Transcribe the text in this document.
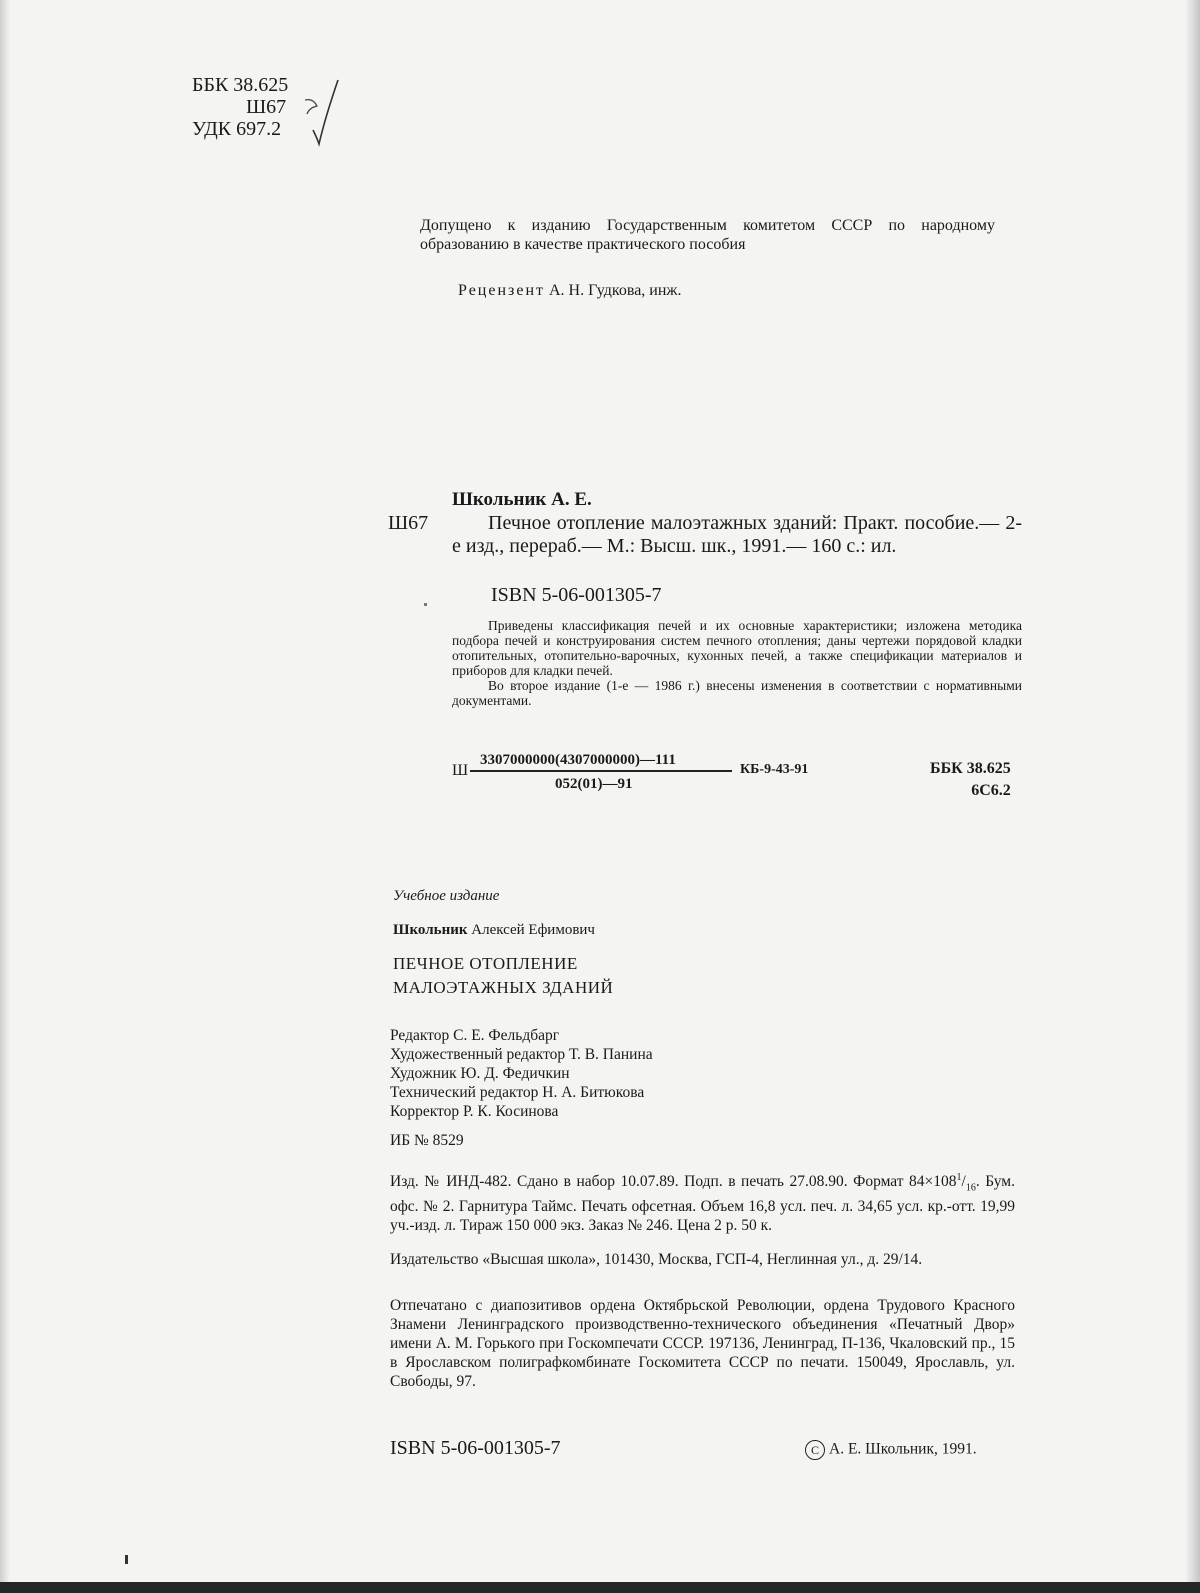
ББК 38.625
Ш67
УДК 697.2
Допущено к изданию Государственным комитетом СССР по народному образованию в качестве практического пособия
Рецензент А. Н. Гудкова, инж.
Школьник А. Е.
Ш67	Печное отопление малоэтажных зданий: Практ. пособие.— 2-е изд., перераб.— М.: Высш. шк., 1991.— 160 с.: ил.
ISBN 5-06-001305-7

Приведены классификация печей и их основные характеристики; изложена методика подбора печей и конструирования систем печного отопления; даны чертежи порядовой кладки отопительных, отопительно-варочных, кухонных печей, а также спецификации материалов и приборов для кладки печей.

Во второе издание (1-е — 1986 г.) внесены изменения в соответствии с нормативными документами.

Ш
3307000000(4307000000)—111
052(01)—91
КБ-9-43-91	ББК 38.625
6С6.2
Учебное издание
Школьник Алексей Ефимович
ПЕЧНОЕ ОТОПЛЕНИЕ
МАЛОЭТАЖНЫХ ЗДАНИЙ
Редактор С. Е. Фельдбарг
Художественный редактор Т. В. Панина
Художник Ю. Д. Федичкин
Технический редактор Н. А. Битюкова
Корректор Р. К. Косинова
ИБ № 8529
Изд. № ИНД-482. Сдано в набор 10.07.89. Подп. в печать 27.08.90. Формат $84\times 108^1/_{16}$. Бум. офс. № 2. Гарнитура Таймс. Печать офсетная. Объем 16,8 усл. печ. л. 34,65 усл. кр.-отт. 19,99 уч.-изд. л. Тираж 150 000 экз. Заказ № 246. Цена 2 р. 50 к.
Издательство «Высшая школа», 101430, Москва, ГСП-4, Неглинная ул., д. 29/14.
Отпечатано с диапозитивов ордена Октябрьской Революции, ордена Трудового Красного Знамени Ленинградского производственно-технического объединения «Печатный Двор» имени А. М. Горького при Госкомпечати СССР. 197136, Ленинград, П-136, Чкаловский пр., 15 в Ярославском полиграфкомбинате Госкомитета СССР по печати. 150049, Ярославль, ул. Свободы, 97.
ISBN 5-06-001305-7	С А. Е. Школьник, 1991.
